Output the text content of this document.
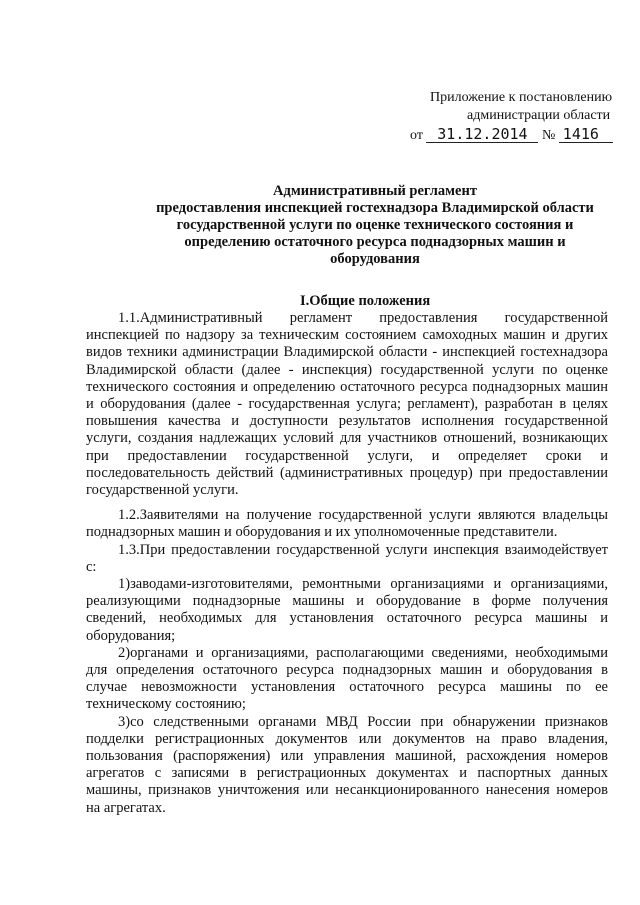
Приложение к постановлению
администрации области
от 31.12.2014 № 1416
Административный регламент
предоставления инспекцией гостехнадзора Владимирской области
государственной услуги по оценке технического состояния и
определению остаточного ресурса поднадзорных машин и
оборудования
I.Общие положения

1.1.Административный регламент предоставления государственной инспекцией по надзору за техническим состоянием самоходных машин и других видов техники администрации Владимирской области - инспекцией гостехнадзора Владимирской области (далее - инспекция) государственной услуги по оценке технического состояния и определению остаточного ресурса поднадзорных машин и оборудования (далее - государственная услуга; регламент), разработан в целях повышения качества и доступности результатов исполнения государственной услуги, создания надлежащих условий для участников отношений, возникающих при предоставлении государственной услуги, и определяет сроки и последовательность действий (административных процедур) при предоставлении государственной услуги.

1.2.Заявителями на получение государственной услуги являются владельцы поднадзорных машин и оборудования и их уполномоченные представители.

1.3.При предоставлении государственной услуги инспекция взаимодействует с:

1)заводами-изготовителями, ремонтными организациями и организациями, реализующими поднадзорные машины и оборудование в форме получения сведений, необходимых для установления остаточного ресурса машины и оборудования;

2)органами и организациями, располагающими сведениями, необходимыми для определения остаточного ресурса поднадзорных машин и оборудования в случае невозможности установления остаточного ресурса машины по ее техническому состоянию;

3)со следственными органами МВД России при обнаружении признаков подделки регистрационных документов или документов на право владения, пользования (распоряжения) или управления машиной, расхождения номеров агрегатов с записями в регистрационных документах и паспортных данных машины, признаков уничтожения или несанкционированного нанесения номеров на агрегатах.
